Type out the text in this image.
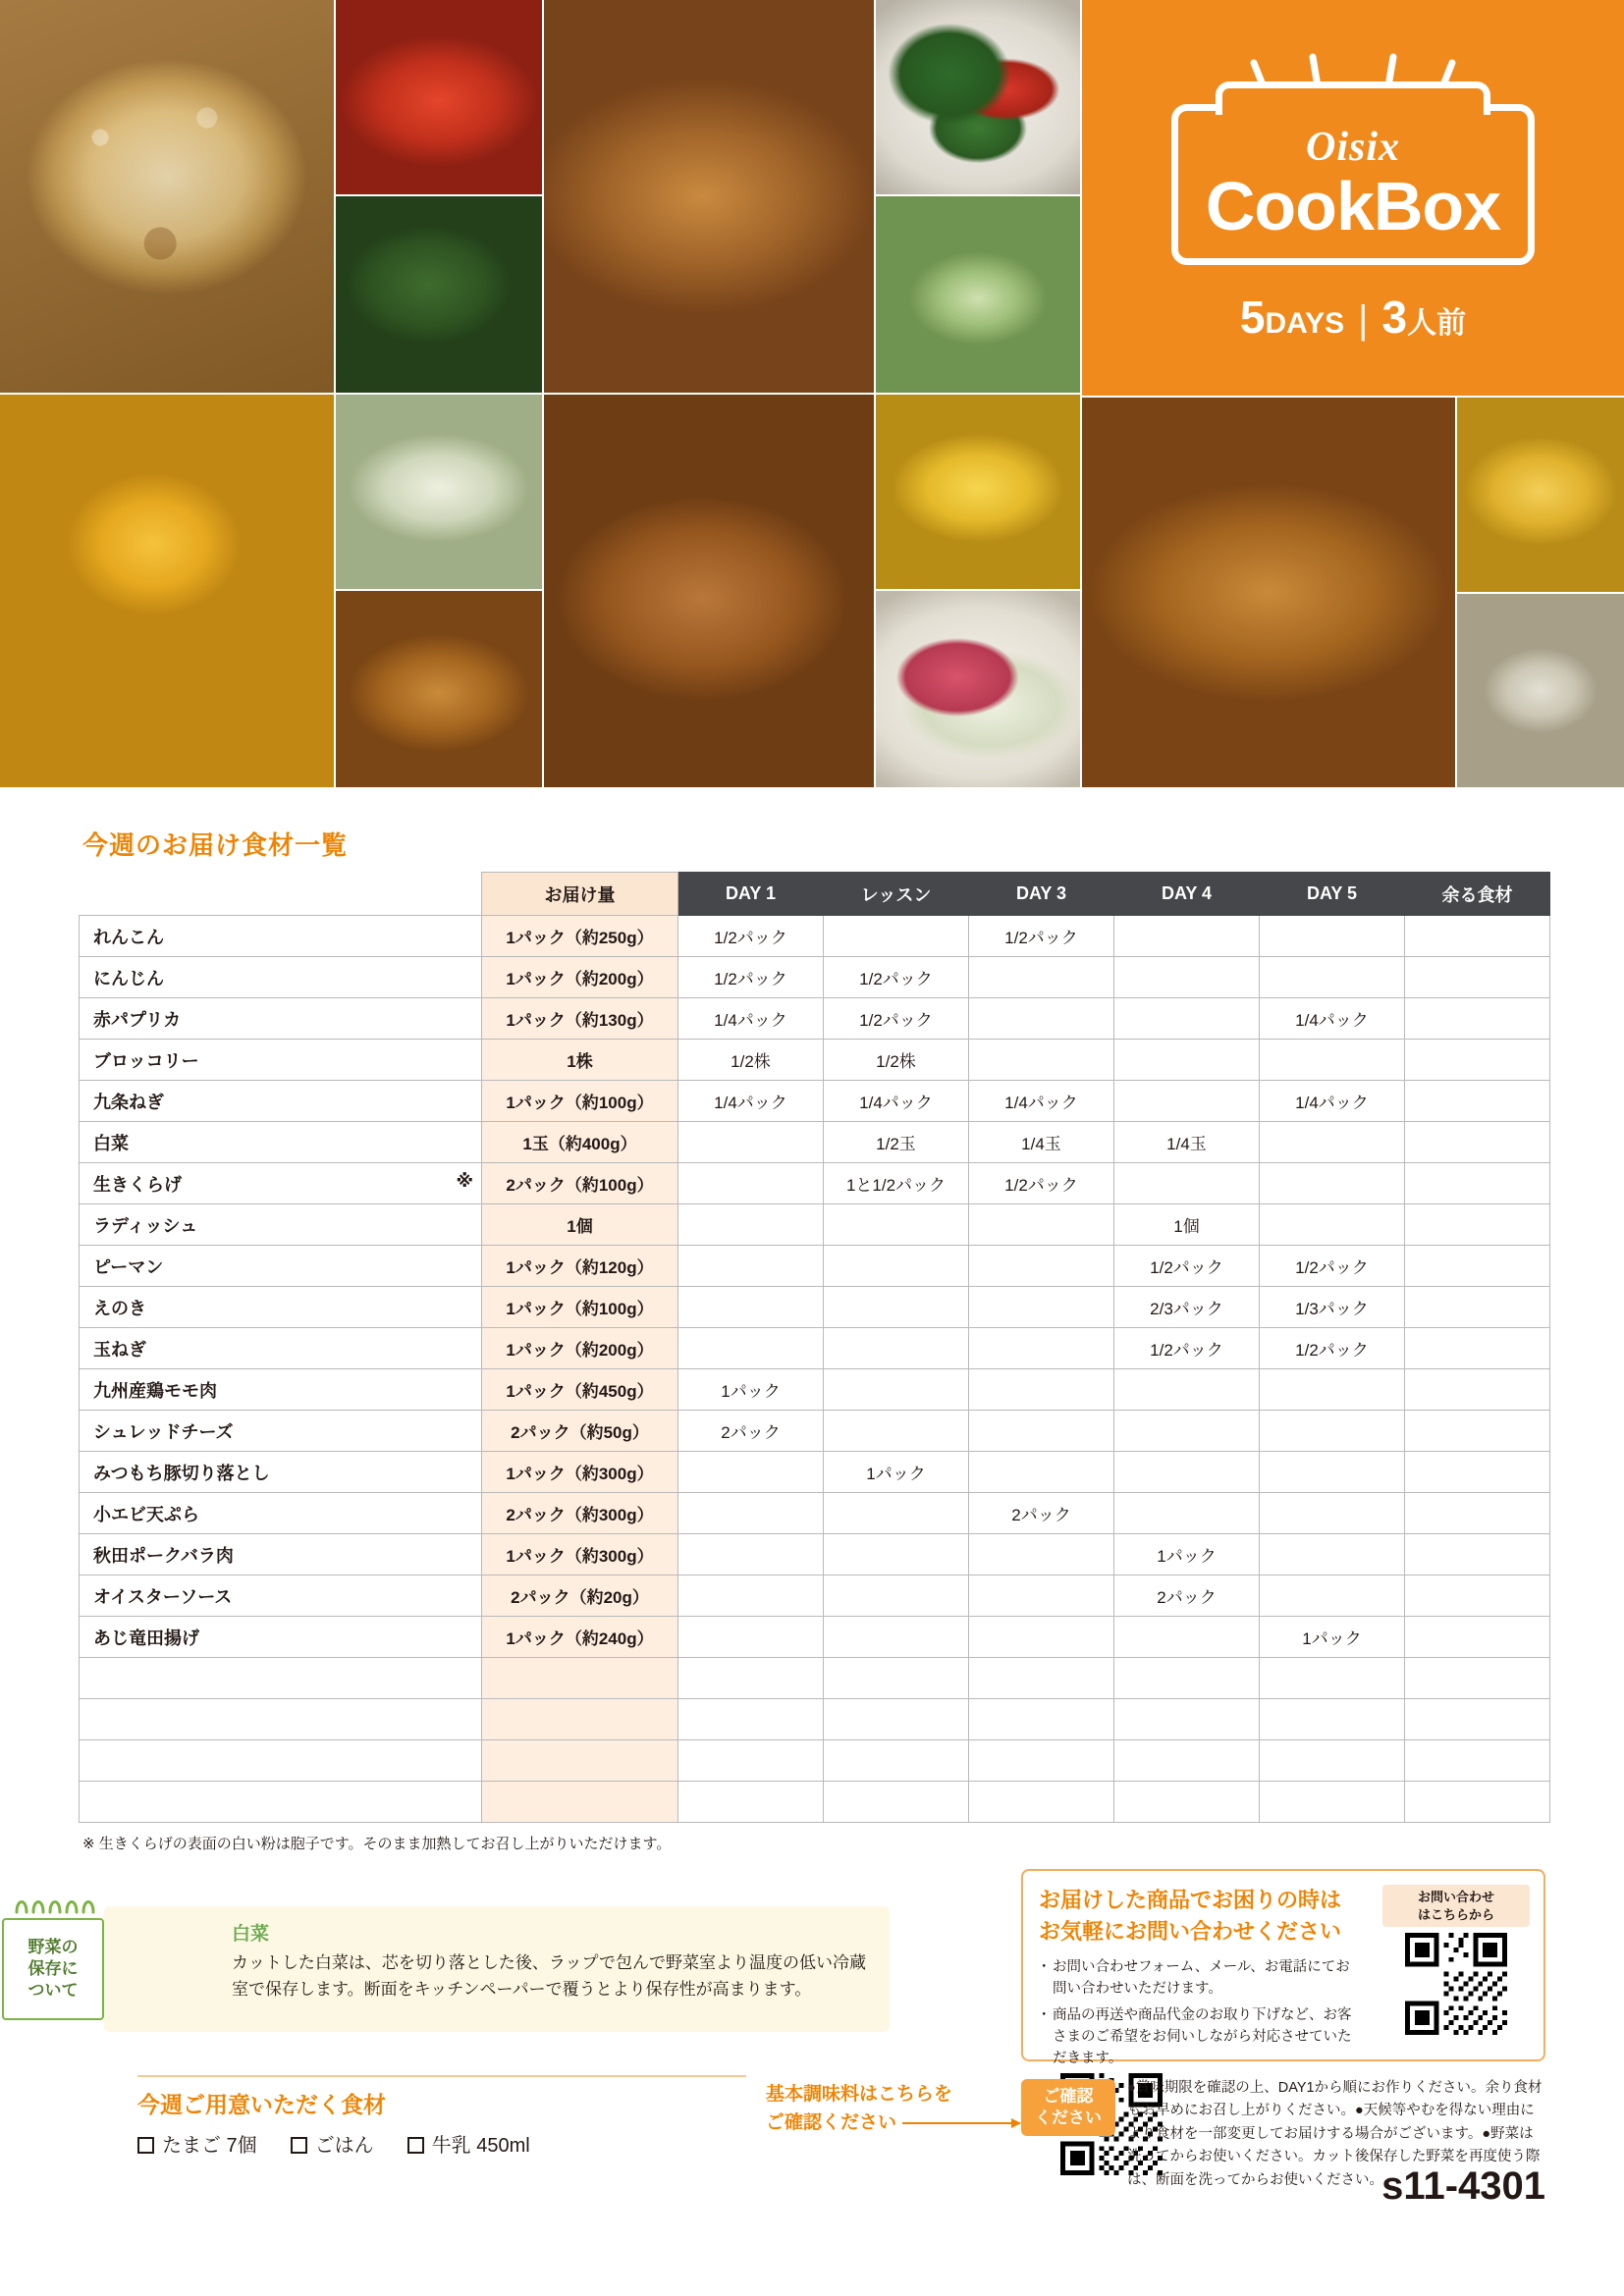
Oisix
CookBox
5DAYS | 3人前
今週のお届け食材一覧
	お届け量	DAY 1	レッスン	DAY 3	DAY 4	DAY 5	余る食材
れんこん	1パック（約250g）	1/2パック		1/2パック			
にんじん	1パック（約200g）	1/2パック	1/2パック				
赤パプリカ	1パック（約130g）	1/4パック	1/2パック			1/4パック	
ブロッコリー	1株	1/2株	1/2株				
九条ねぎ	1パック（約100g）	1/4パック	1/4パック	1/4パック		1/4パック	
白菜	1玉（約400g）		1/2玉	1/4玉	1/4玉		
生きくらげ ※	2パック（約100g）		1と1/2パック	1/2パック			
ラディッシュ	1個				1個		
ピーマン	1パック（約120g）				1/2パック	1/2パック	
えのき	1パック（約100g）				2/3パック	1/3パック	
玉ねぎ	1パック（約200g）				1/2パック	1/2パック	
九州産鶏モモ肉	1パック（約450g）	1パック					
シュレッドチーズ	2パック（約50g）	2パック					
みつもち豚切り落とし	1パック（約300g）		1パック				
小エビ天ぷら	2パック（約300g）			2パック			
秋田ポークバラ肉	1パック（約300g）				1パック		
オイスターソース	2パック（約20g）				2パック		
あじ竜田揚げ	1パック（約240g）					1パック	

※ 生きくらげの表面の白い粉は胞子です。そのまま加熱してお召し上がりいただけます。
野菜の
保存に
ついて
白菜
カットした白菜は、芯を切り落とした後、ラップで包んで野菜室より温度の低い冷蔵室で保存します。断面をキッチンペーパーで覆うとより保存性が高まります。
今週ご用意いただく食材
たまご 7個	ごはん	牛乳 450ml
基本調味料はこちらを
ご確認ください
お届けした商品でお困りの時は
お気軽にお問い合わせください
・ お問い合わせフォーム、メール、お電話にてお問い合わせいただけます。
・ 商品の再送や商品代金のお取り下げなど、お客さまのご希望をお伺いしながら対応させていただきます。
お問い合わせ
はこちらから
ご確認
ください
●賞味期限を確認の上、DAY1から順にお作りください。余り食材もお早めにお召し上がりください。●天候等やむを得ない理由により食材を一部変更してお届けする場合がございます。●野菜は洗ってからお使いください。カット後保存した野菜を再度使う際は、断面を洗ってからお使いください。
s11-4301
